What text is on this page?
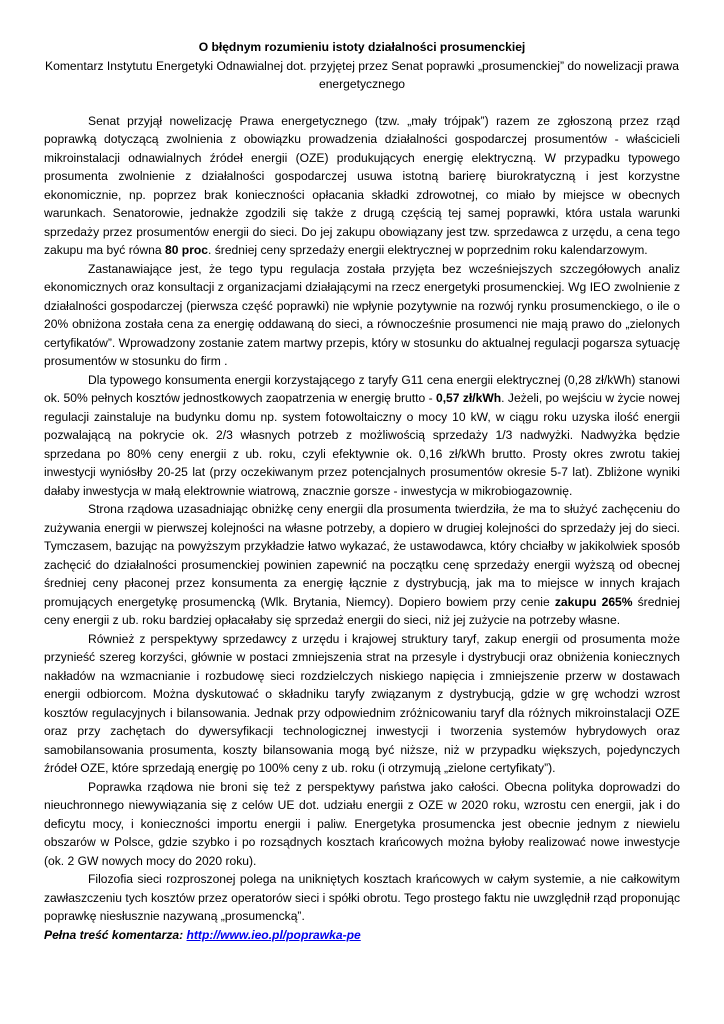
O błędnym rozumieniu istoty działalności prosumenckiej
Komentarz Instytutu Energetyki Odnawialnej dot. przyjętej przez Senat poprawki „prosumenckiej” do nowelizacji prawa energetycznego

Senat przyjął nowelizację Prawa energetycznego (tzw. „mały trójpak”) razem ze zgłoszoną przez rząd poprawką dotyczącą zwolnienia z obowiązku prowadzenia działalności gospodarczej prosumentów - właścicieli mikroinstalacji odnawialnych źródeł energii (OZE) produkujących energię elektryczną. W przypadku typowego prosumenta zwolnienie z działalności gospodarczej usuwa istotną barierę biurokratyczną i jest korzystne ekonomicznie, np. poprzez brak konieczności opłacania składki zdrowotnej, co miało by miejsce w obecnych warunkach. Senatorowie, jednakże zgodzili się także z drugą częścią tej samej poprawki, która ustala warunki sprzedaży przez prosumentów energii do sieci. Do jej zakupu obowiązany jest tzw. sprzedawca z urzędu, a cena tego zakupu ma być równa 80 proc. średniej ceny sprzedaży energii elektrycznej w poprzednim roku kalendarzowym.

Zastanawiające jest, że tego typu regulacja została przyjęta bez wcześniejszych szczegółowych analiz ekonomicznych oraz konsultacji z organizacjami działającymi na rzecz energetyki prosumenckiej. Wg IEO zwolnienie z działalności gospodarczej (pierwsza część poprawki) nie wpłynie pozytywnie na rozwój rynku prosumenckiego, o ile o 20% obniżona została cena za energię oddawaną do sieci, a równocześnie prosumenci nie mają prawo do „zielonych certyfikatów”. Wprowadzony zostanie zatem martwy przepis, który w stosunku do aktualnej regulacji pogarsza sytuację prosumentów w stosunku do firm .

Dla typowego konsumenta energii korzystającego z taryfy G11 cena energii elektrycznej (0,28 zł/kWh) stanowi ok. 50% pełnych kosztów jednostkowych zaopatrzenia w energię brutto - 0,57 zł/kWh. Jeżeli, po wejściu w życie nowej regulacji zainstaluje na budynku domu np. system fotowoltaiczny o mocy 10 kW, w ciągu roku uzyska ilość energii pozwalającą na pokrycie ok. 2/3 własnych potrzeb z możliwością sprzedaży 1/3 nadwyżki. Nadwyżka będzie sprzedana po 80% ceny energii z ub. roku, czyli efektywnie ok. 0,16 zł/kWh brutto. Prosty okres zwrotu takiej inwestycji wyniósłby 20-25 lat (przy oczekiwanym przez potencjalnych prosumentów okresie 5-7 lat). Zbliżone wyniki dałaby inwestycja w małą elektrownie wiatrową, znacznie gorsze - inwestycja w mikrobiogazownię.

Strona rządowa uzasadniając obniżkę ceny energii dla prosumenta twierdziła, że ma to służyć zachęceniu do zużywania energii w pierwszej kolejności na własne potrzeby, a dopiero w drugiej kolejności do sprzedaży jej do sieci. Tymczasem, bazując na powyższym przykładzie łatwo wykazać, że ustawodawca, który chciałby w jakikolwiek sposób zachęcić do działalności prosumenckiej powinien zapewnić na początku cenę sprzedaży energii wyższą od obecnej średniej ceny płaconej przez konsumenta za energię łącznie z dystrybucją, jak ma to miejsce w innych krajach promujących energetykę prosumencką (Wlk. Brytania, Niemcy). Dopiero bowiem przy cenie zakupu 265% średniej ceny energii z ub. roku bardziej opłacałaby się sprzedaż energii do sieci, niż jej zużycie na potrzeby własne.

Również z perspektywy sprzedawcy z urzędu i krajowej struktury taryf, zakup energii od prosumenta może przynieść szereg korzyści, głównie w postaci zmniejszenia strat na przesyle i dystrybucji oraz obniżenia koniecznych nakładów na wzmacnianie i rozbudowę sieci rozdzielczych niskiego napięcia i zmniejszenie przerw w dostawach energii odbiorcom. Można dyskutować o składniku taryfy związanym z dystrybucją, gdzie w grę wchodzi wzrost kosztów regulacyjnych i bilansowania. Jednak przy odpowiednim zróżnicowaniu taryf dla różnych mikroinstalacji OZE oraz przy zachętach do dywersyfikacji technologicznej inwestycji i tworzenia systemów hybrydowych oraz samobilansowania prosumenta, koszty bilansowania mogą być niższe, niż w przypadku większych, pojedynczych źródeł OZE, które sprzedają energię po 100% ceny z ub. roku (i otrzymują „zielone certyfikaty”).

Poprawka rządowa nie broni się też z perspektywy państwa jako całości. Obecna polityka doprowadzi do nieuchronnego niewywiązania się z celów UE dot. udziału energii z OZE w 2020 roku, wzrostu cen energii, jak i do deficytu mocy, i konieczności importu energii i paliw. Energetyka prosumencka jest obecnie jednym z niewielu obszarów w Polsce, gdzie szybko i po rozsądnych kosztach krańcowych można byłoby realizować nowe inwestycje (ok. 2 GW nowych mocy do 2020 roku).

Filozofia sieci rozproszonej polega na unikniętych kosztach krańcowych w całym systemie, a nie całkowitym zawłaszczeniu tych kosztów przez operatorów sieci i spółki obrotu. Tego prostego faktu nie uwzględnił rząd proponując poprawkę niesłusznie nazywaną „prosumencką”.

Pełna treść komentarza: http://www.ieo.pl/poprawka-pe
